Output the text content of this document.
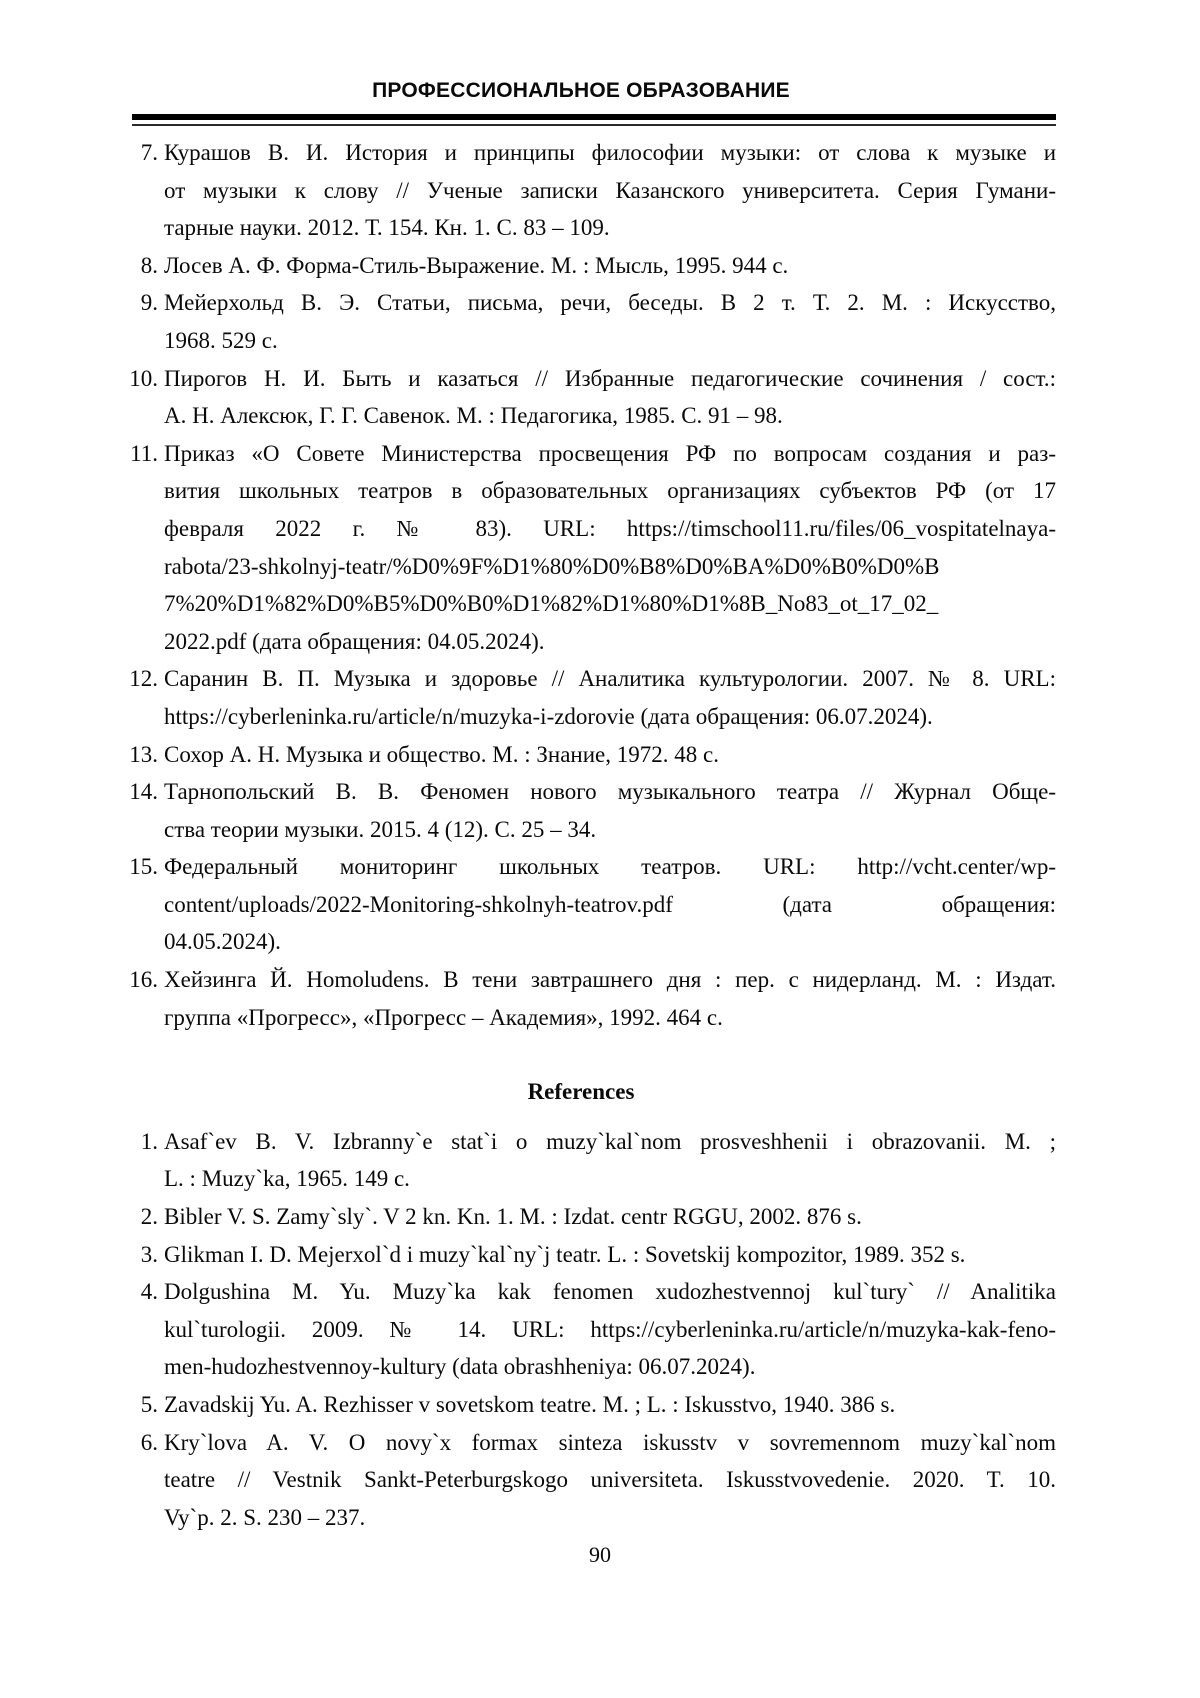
ПРОФЕССИОНАЛЬНОЕ ОБРАЗОВАНИЕ
7. Курашов В. И. История и принципы философии музыки: от слова к музыке и
от музыки к слову // Ученые записки Казанского университета. Серия Гумани-
тарные науки. 2012. Т. 154. Кн. 1. С. 83 – 109.
8. Лосев А. Ф. Форма-Стиль-Выражение. М. : Мысль, 1995. 944 с.
9. Мейерхольд В. Э. Статьи, письма, речи, беседы. В 2 т. Т. 2. М. : Искусство,
1968. 529 с.
10. Пирогов Н. И. Быть и казаться // Избранные педагогические сочинения / сост.:
А. Н. Алексюк, Г. Г. Савенок. М. : Педагогика, 1985. С. 91 – 98.
11. Приказ «О Совете Министерства просвещения РФ по вопросам создания и раз-
вития школьных театров в образовательных организациях субъектов РФ (от 17
февраля 2022 г. № 83). URL: https://timschool11.ru/files/06_vospitatelnaya-
rabota/23-shkolnyj-teatr/%D0%9F%D1%80%D0%B8%D0%BA%D0%B0%D0%B
7%20%D1%82%D0%B5%D0%B0%D1%82%D1%80%D1%8B_No83_ot_17_02_
2022.pdf (дата обращения: 04.05.2024).
12. Саранин В. П. Музыка и здоровье // Аналитика культурологии. 2007. № 8. URL:
https://cyberleninka.ru/article/n/muzyka-i-zdorovie (дата обращения: 06.07.2024).
13. Сохор А. Н. Музыка и общество. М. : Знание, 1972. 48 с.
14. Тарнопольский В. В. Феномен нового музыкального театра // Журнал Обще-
ства теории музыки. 2015. 4 (12). С. 25 – 34.
15. Федеральный мониторинг школьных театров. URL: http://vcht.center/wp-
content/uploads/2022-Monitoring-shkolnyh-teatrov.pdf (дата обращения:
04.05.2024).
16. Хейзинга Й. Homoludens. В тени завтрашнего дня : пер. с нидерланд. М. : Издат.
группа «Прогресс», «Прогресс – Академия», 1992. 464 с.
References
1. Asaf`ev B. V. Izbranny`e stat`i o muzy`kal`nom prosveshhenii i obrazovanii. M. ;
L. : Muzy`ka, 1965. 149 c.
2. Bibler V. S. Zamy`sly`. V 2 kn. Kn. 1. M. : Izdat. centr RGGU, 2002. 876 s.
3. Glikman I. D. Mejerxol`d i muzy`kal`ny`j teatr. L. : Sovetskij kompozitor, 1989. 352 s.
4. Dolgushina M. Yu. Muzy`ka kak fenomen xudozhestvennoj kul`tury` // Analitika
kul`turologii. 2009. № 14. URL: https://cyberleninka.ru/article/n/muzyka-kak-feno-
men-hudozhestvennoy-kultury (data obrashheniya: 06.07.2024).
5. Zavadskij Yu. A. Rezhisser v sovetskom teatre. M. ; L. : Iskusstvo, 1940. 386 s.
6. Kry`lova A. V. O novy`x formax sinteza iskusstv v sovremennom muzy`kal`nom
teatre // Vestnik Sankt-Peterburgskogo universiteta. Iskusstvovedenie. 2020. T. 10.
Vy`p. 2. S. 230 – 237.
90
